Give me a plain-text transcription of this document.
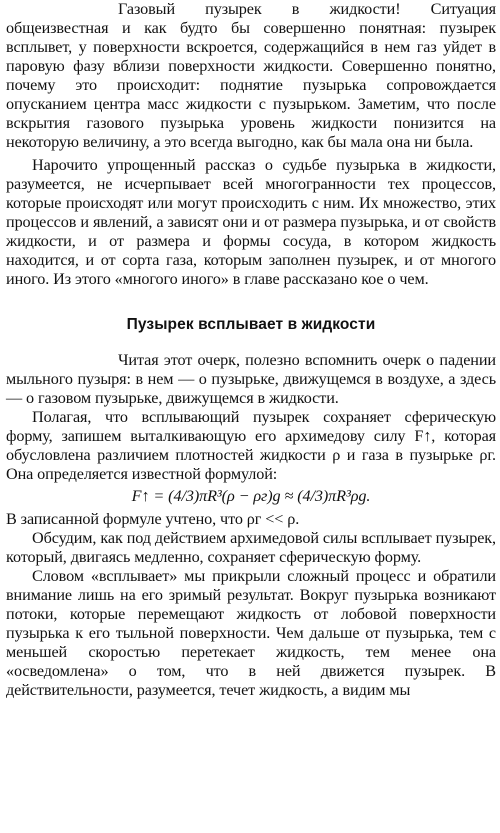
Газовый пузырек в жидкости! Ситуация общеизвестная и как будто бы совершенно понятная: пузырек всплывет, у поверхности вскроется, содержащийся в нем газ уйдет в паровую фазу вблизи поверхности жидкости. Совершенно понятно, почему это происходит: поднятие пузырька сопровождается опусканием центра масс жидкости с пузырьком. Заметим, что после вскрытия газового пузырька уровень жидкости понизится на некоторую величину, а это всегда выгодно, как бы мала она ни была.

Нарочито упрощенный рассказ о судьбе пузырька в жидкости, разумеется, не исчерпывает всей многогранности тех процессов, которые происходят или могут происходить с ним. Их множество, этих процессов и явлений, а зависят они и от размера пузырька, и от свойств жидкости, и от размера и формы сосуда, в котором жидкость находится, и от сорта газа, которым заполнен пузырек, и от многого иного. Из этого «многого иного» в главе рассказано кое о чем.

Пузырек всплывает в жидкости

Читая этот очерк, полезно вспомнить очерк о падении мыльного пузыря: в нем — о пузырьке, движущемся в воздухе, а здесь — о газовом пузырьке, движущемся в жидкости.

Полагая, что всплывающий пузырек сохраняет сферическую форму, запишем выталкивающую его архимедову силу F↑, которая обусловлена различием плотностей жидкости ρ и газа в пузырьке ρг. Она определяется известной формулой:

F↑ = (4/3)πR³(ρ − ρг)g ≈ (4/3)πR³ρg.

В записанной формуле учтено, что ρг << ρ.

Обсудим, как под действием архимедовой силы всплывает пузырек, который, двигаясь медленно, сохраняет сферическую форму.

Словом «всплывает» мы прикрыли сложный процесс и обратили внимание лишь на его зримый результат. Вокруг пузырька возникают потоки, которые перемещают жидкость от лобовой поверхности пузырька к его тыльной поверхности. Чем дальше от пузырька, тем с меньшей скоростью перетекает жидкость, тем менее она «осведомлена» о том, что в ней движется пузырек. В действительности, разумеется, течет жидкость, а видим мы
